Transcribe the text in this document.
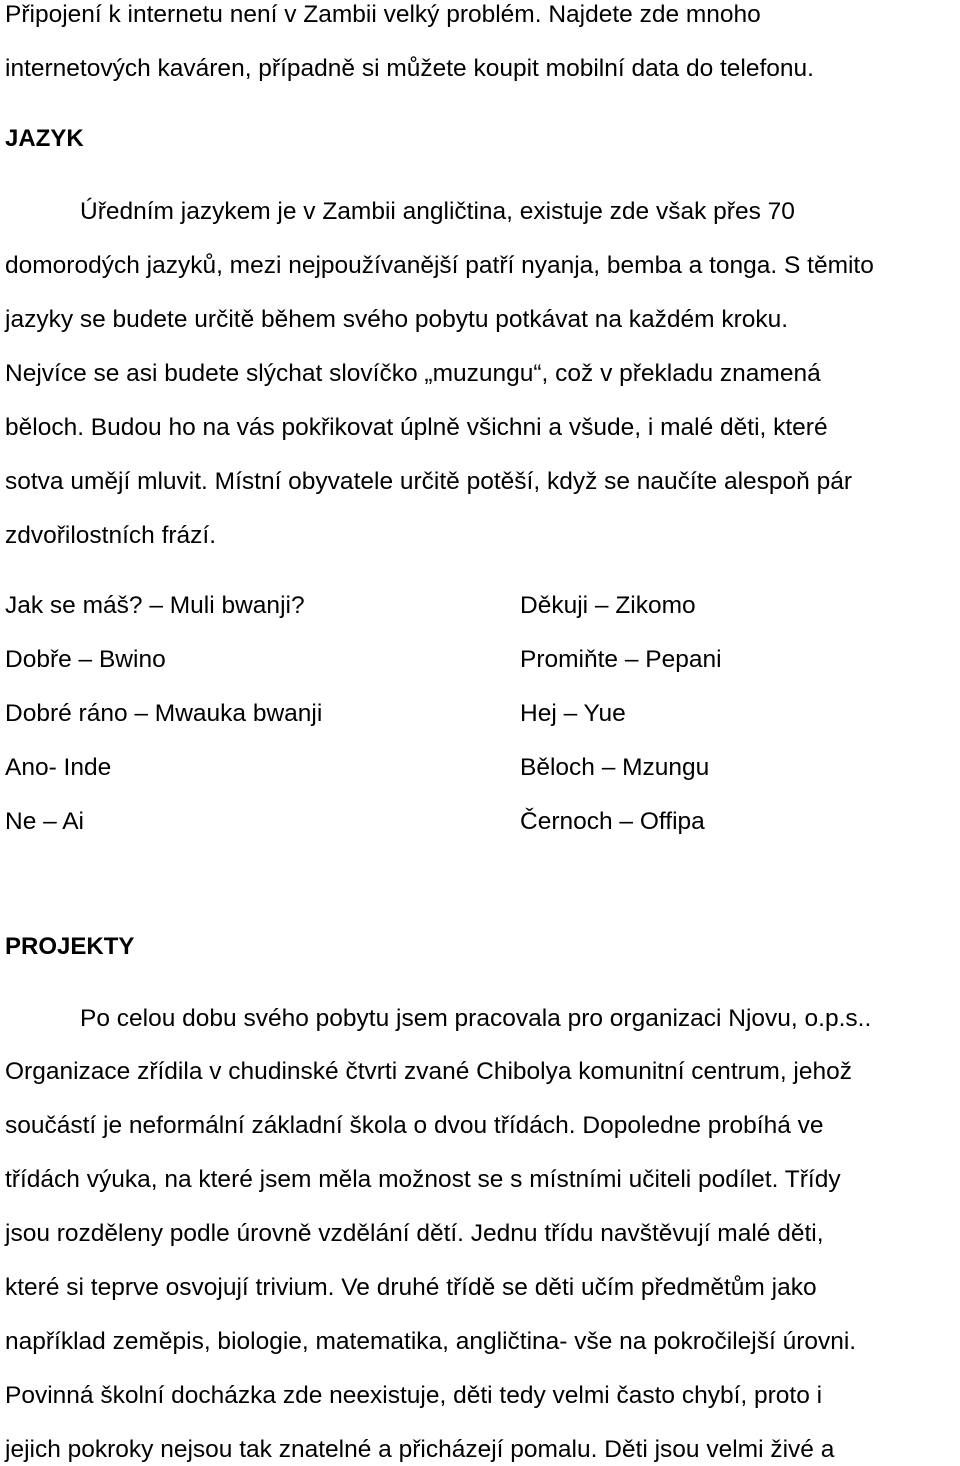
Připojení k internetu není v Zambii velký problém. Najdete zde mnoho
internetových kaváren, případně si můžete koupit mobilní data do telefonu.
JAZYK
Úředním jazykem je v Zambii angličtina, existuje zde však přes 70
domorodých jazyků, mezi nejpoužívanější patří nyanja, bemba a tonga. S těmito
jazyky se budete určitě během svého pobytu potkávat na každém kroku.
Nejvíce se asi budete slýchat slovíčko „muzungu“, což v překladu znamená
běloch. Budou ho na vás pokřikovat úplně všichni a všude, i malé děti, které
sotva umějí mluvit. Místní obyvatele určitě potěší, když se naučíte alespoň pár
zdvořilostních frází.
Jak se máš? – Muli bwanji?
Dobře – Bwino
Dobré ráno – Mwauka bwanji
Ano- Inde
Ne – Ai
Děkuji – Zikomo
Promiňte – Pepani
Hej – Yue
Běloch – Mzungu
Černoch – Offipa
PROJEKTY
Po celou dobu svého pobytu jsem pracovala pro organizaci Njovu, o.p.s..
Organizace zřídila v chudinské čtvrti zvané Chibolya komunitní centrum, jehož
součástí je neformální základní škola o dvou třídách. Dopoledne probíhá ve
třídách výuka, na které jsem měla možnost se s místními učiteli podílet. Třídy
jsou rozděleny podle úrovně vzdělání dětí. Jednu třídu navštěvují malé děti,
které si teprve osvojují trivium. Ve druhé třídě se děti učím předmětům jako
například zeměpis, biologie, matematika, angličtina- vše na pokročilejší úrovni.
Povinná školní docházka zde neexistuje, děti tedy velmi často chybí, proto i
jejich pokroky nejsou tak znatelné a přicházejí pomalu. Děti jsou velmi živé a
